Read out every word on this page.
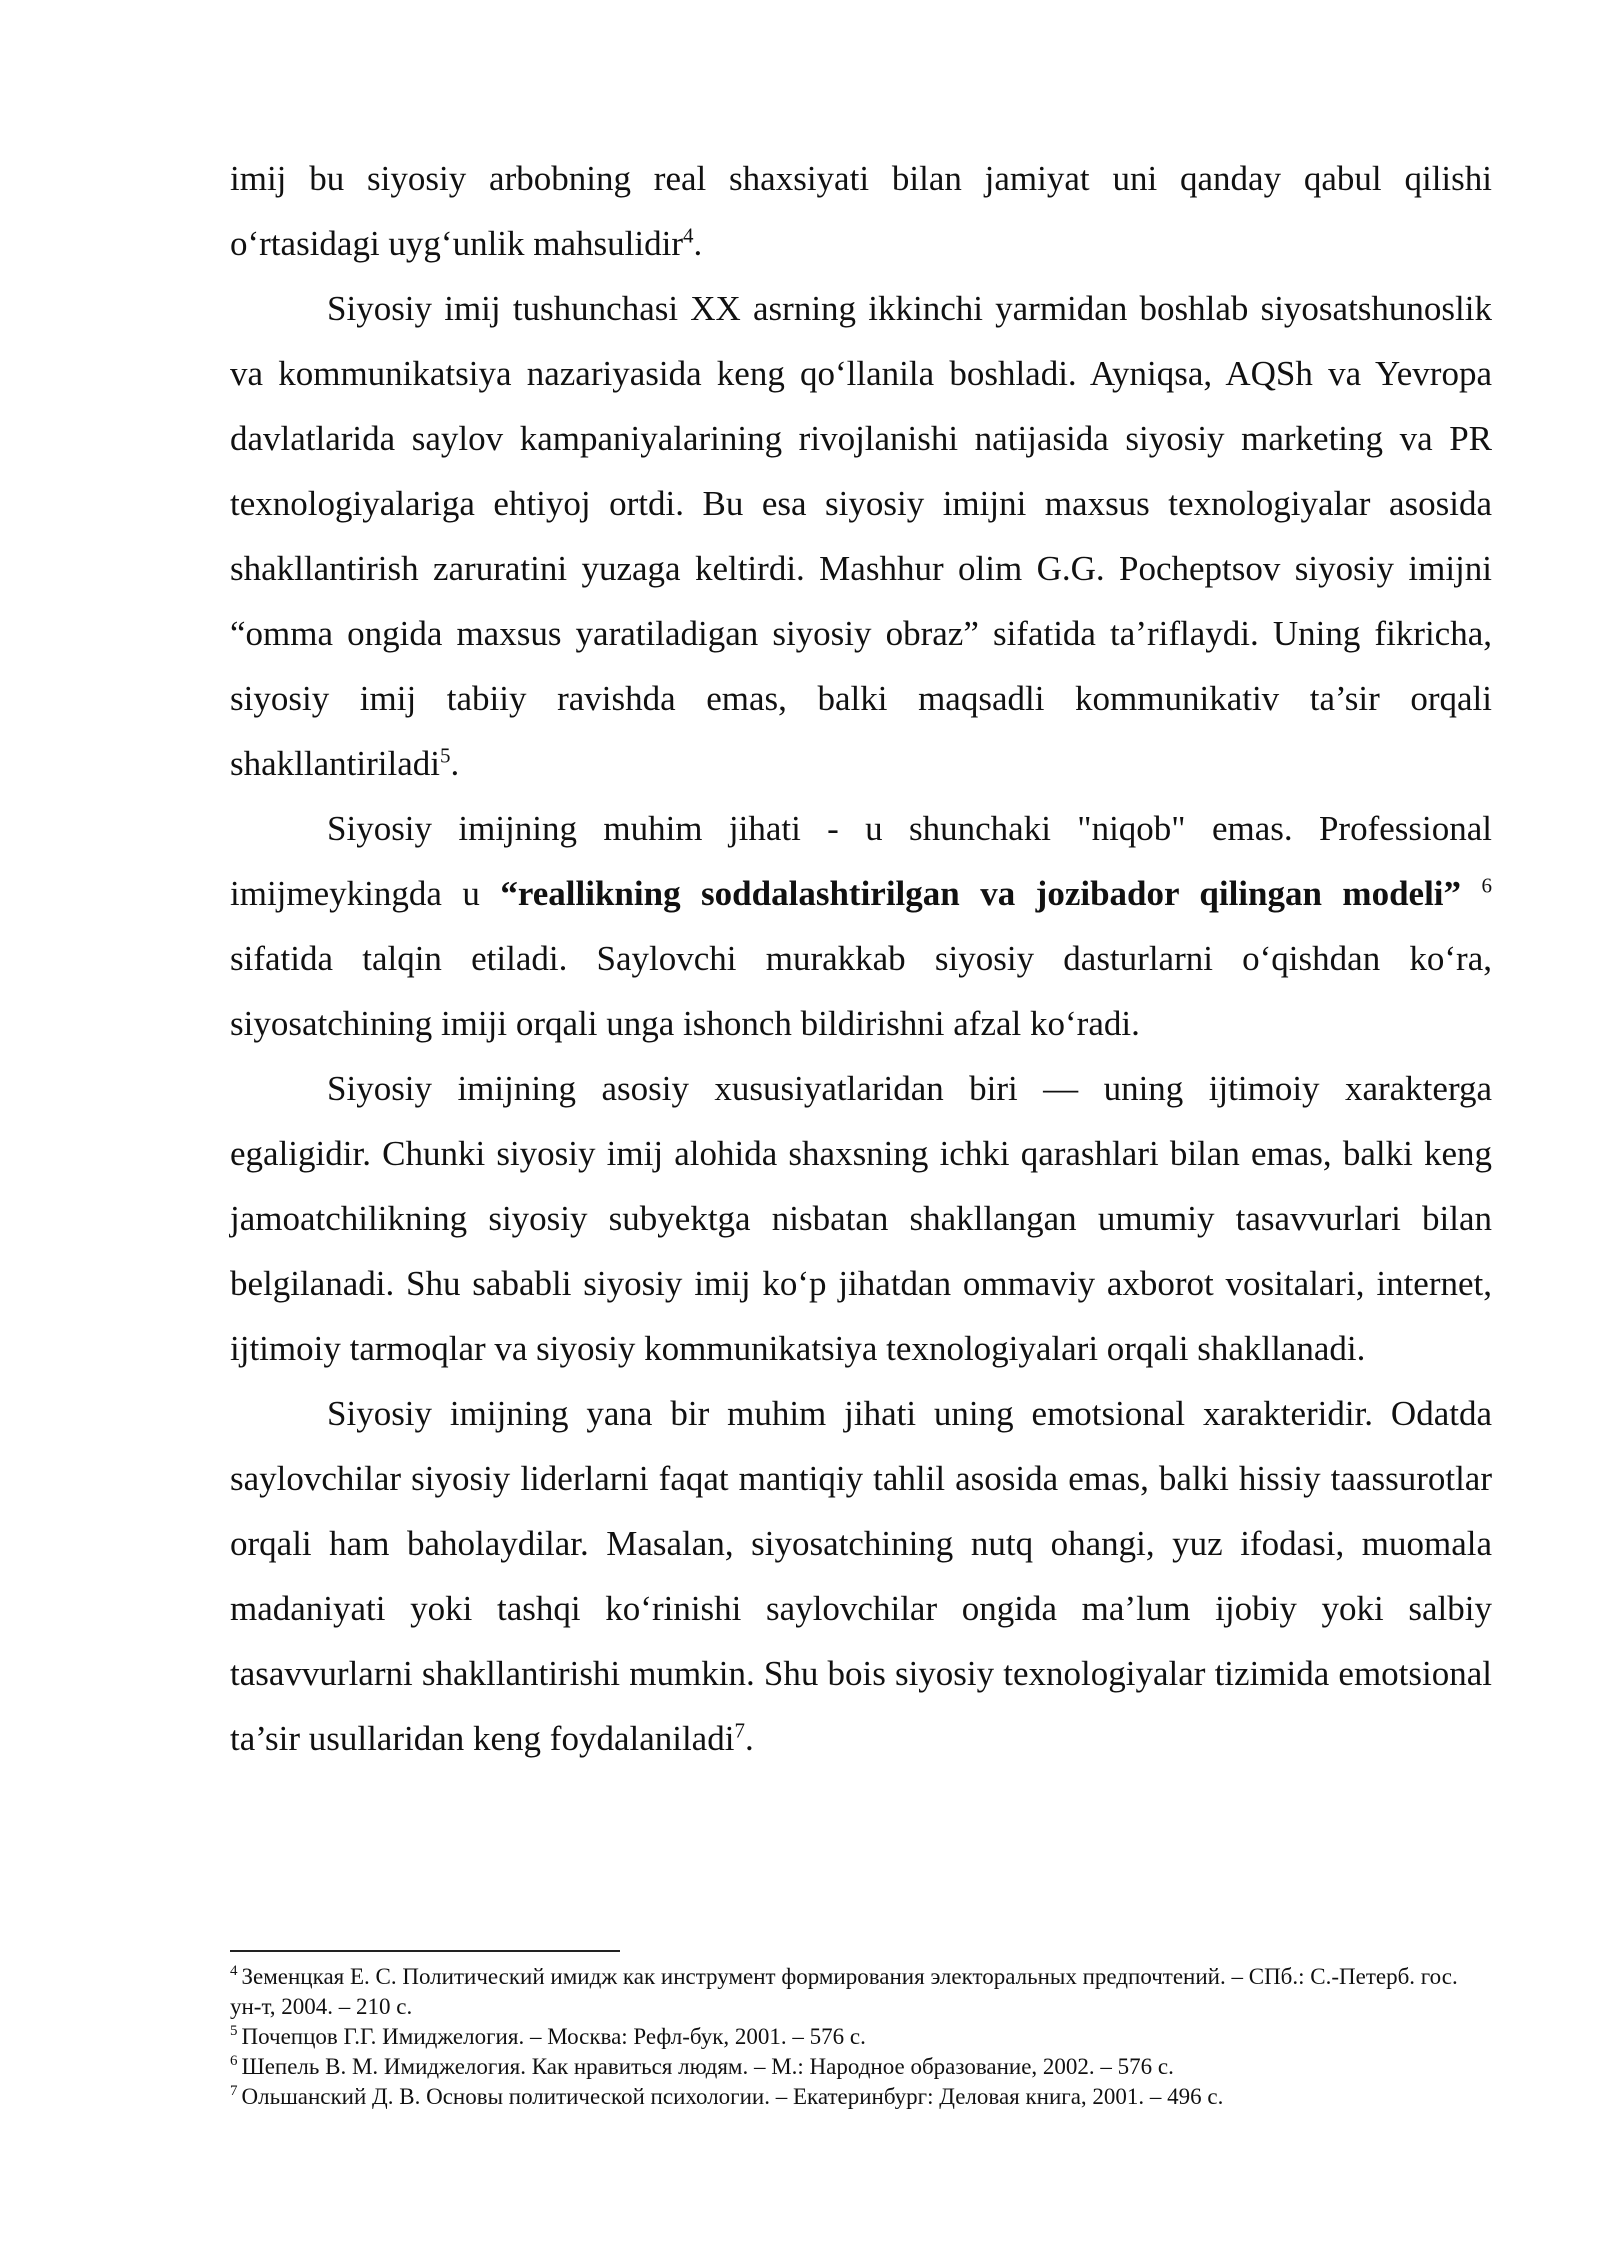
imij bu siyosiy arbobning real shaxsiyati bilan jamiyat uni qanday qabul qilishi oʻrtasidagi uygʻunlik mahsulidir$^4$.

Siyosiy imij tushunchasi XX asrning ikkinchi yarmidan boshlab siyosatshunoslik va kommunikatsiya nazariyasida keng qoʻllanila boshladi. Ayniqsa, AQSh va Yevropa davlatlarida saylov kampaniyalarining rivojlanishi natijasida siyosiy marketing va PR texnologiyalariga ehtiyoj ortdi. Bu esa siyosiy imijni maxsus texnologiyalar asosida shakllantirish zaruratini yuzaga keltirdi. Mashhur olim G.G. Pocheptsov siyosiy imijni “omma ongida maxsus yaratiladigan siyosiy obraz” sifatida ta’riflaydi. Uning fikricha, siyosiy imij tabiiy ravishda emas, balki maqsadli kommunikativ ta’sir orqali shakllantiriladi$^5$.

Siyosiy imijning muhim jihati - u shunchaki "niqob" emas. Professional imijmeykingda u “reallikning soddalashtirilgan va jozibador qilingan modeli” $^6$ sifatida talqin etiladi. Saylovchi murakkab siyosiy dasturlarni oʻqishdan koʻra, siyosatchining imiji orqali unga ishonch bildirishni afzal koʻradi.

Siyosiy imijning asosiy xususiyatlaridan biri — uning ijtimoiy xarakterga egaligidir. Chunki siyosiy imij alohida shaxsning ichki qarashlari bilan emas, balki keng jamoatchilikning siyosiy subyektga nisbatan shakllangan umumiy tasavvurlari bilan belgilanadi. Shu sababli siyosiy imij koʻp jihatdan ommaviy axborot vositalari, internet, ijtimoiy tarmoqlar va siyosiy kommunikatsiya texnologiyalari orqali shakllanadi.

Siyosiy imijning yana bir muhim jihati uning emotsional xarakteridir. Odatda saylovchilar siyosiy liderlarni faqat mantiqiy tahlil asosida emas, balki hissiy taassurotlar orqali ham baholaydilar. Masalan, siyosatchining nutq ohangi, yuz ifodasi, muomala madaniyati yoki tashqi koʻrinishi saylovchilar ongida ma’lum ijobiy yoki salbiy tasavvurlarni shakllantirishi mumkin. Shu bois siyosiy texnologiyalar tizimida emotsional ta’sir usullaridan keng foydalaniladi$^7$.

$^4$ Земенцкая Е. С. Политический имидж как инструмент формирования электоральных предпочтений. – СПб.: С.-Петерб. гос. ун-т, 2004. – 210 с.

$^5$ Почепцов Г.Г. Имиджелогия. – Москва: Рефл-бук, 2001. – 576 с.

$^6$ Шепель В. М. Имиджелогия. Как нравиться людям. – М.: Народное образование, 2002. – 576 с.

$^7$ Ольшанский Д. В. Основы политической психологии. – Екатеринбург: Деловая книга, 2001. – 496 с.
